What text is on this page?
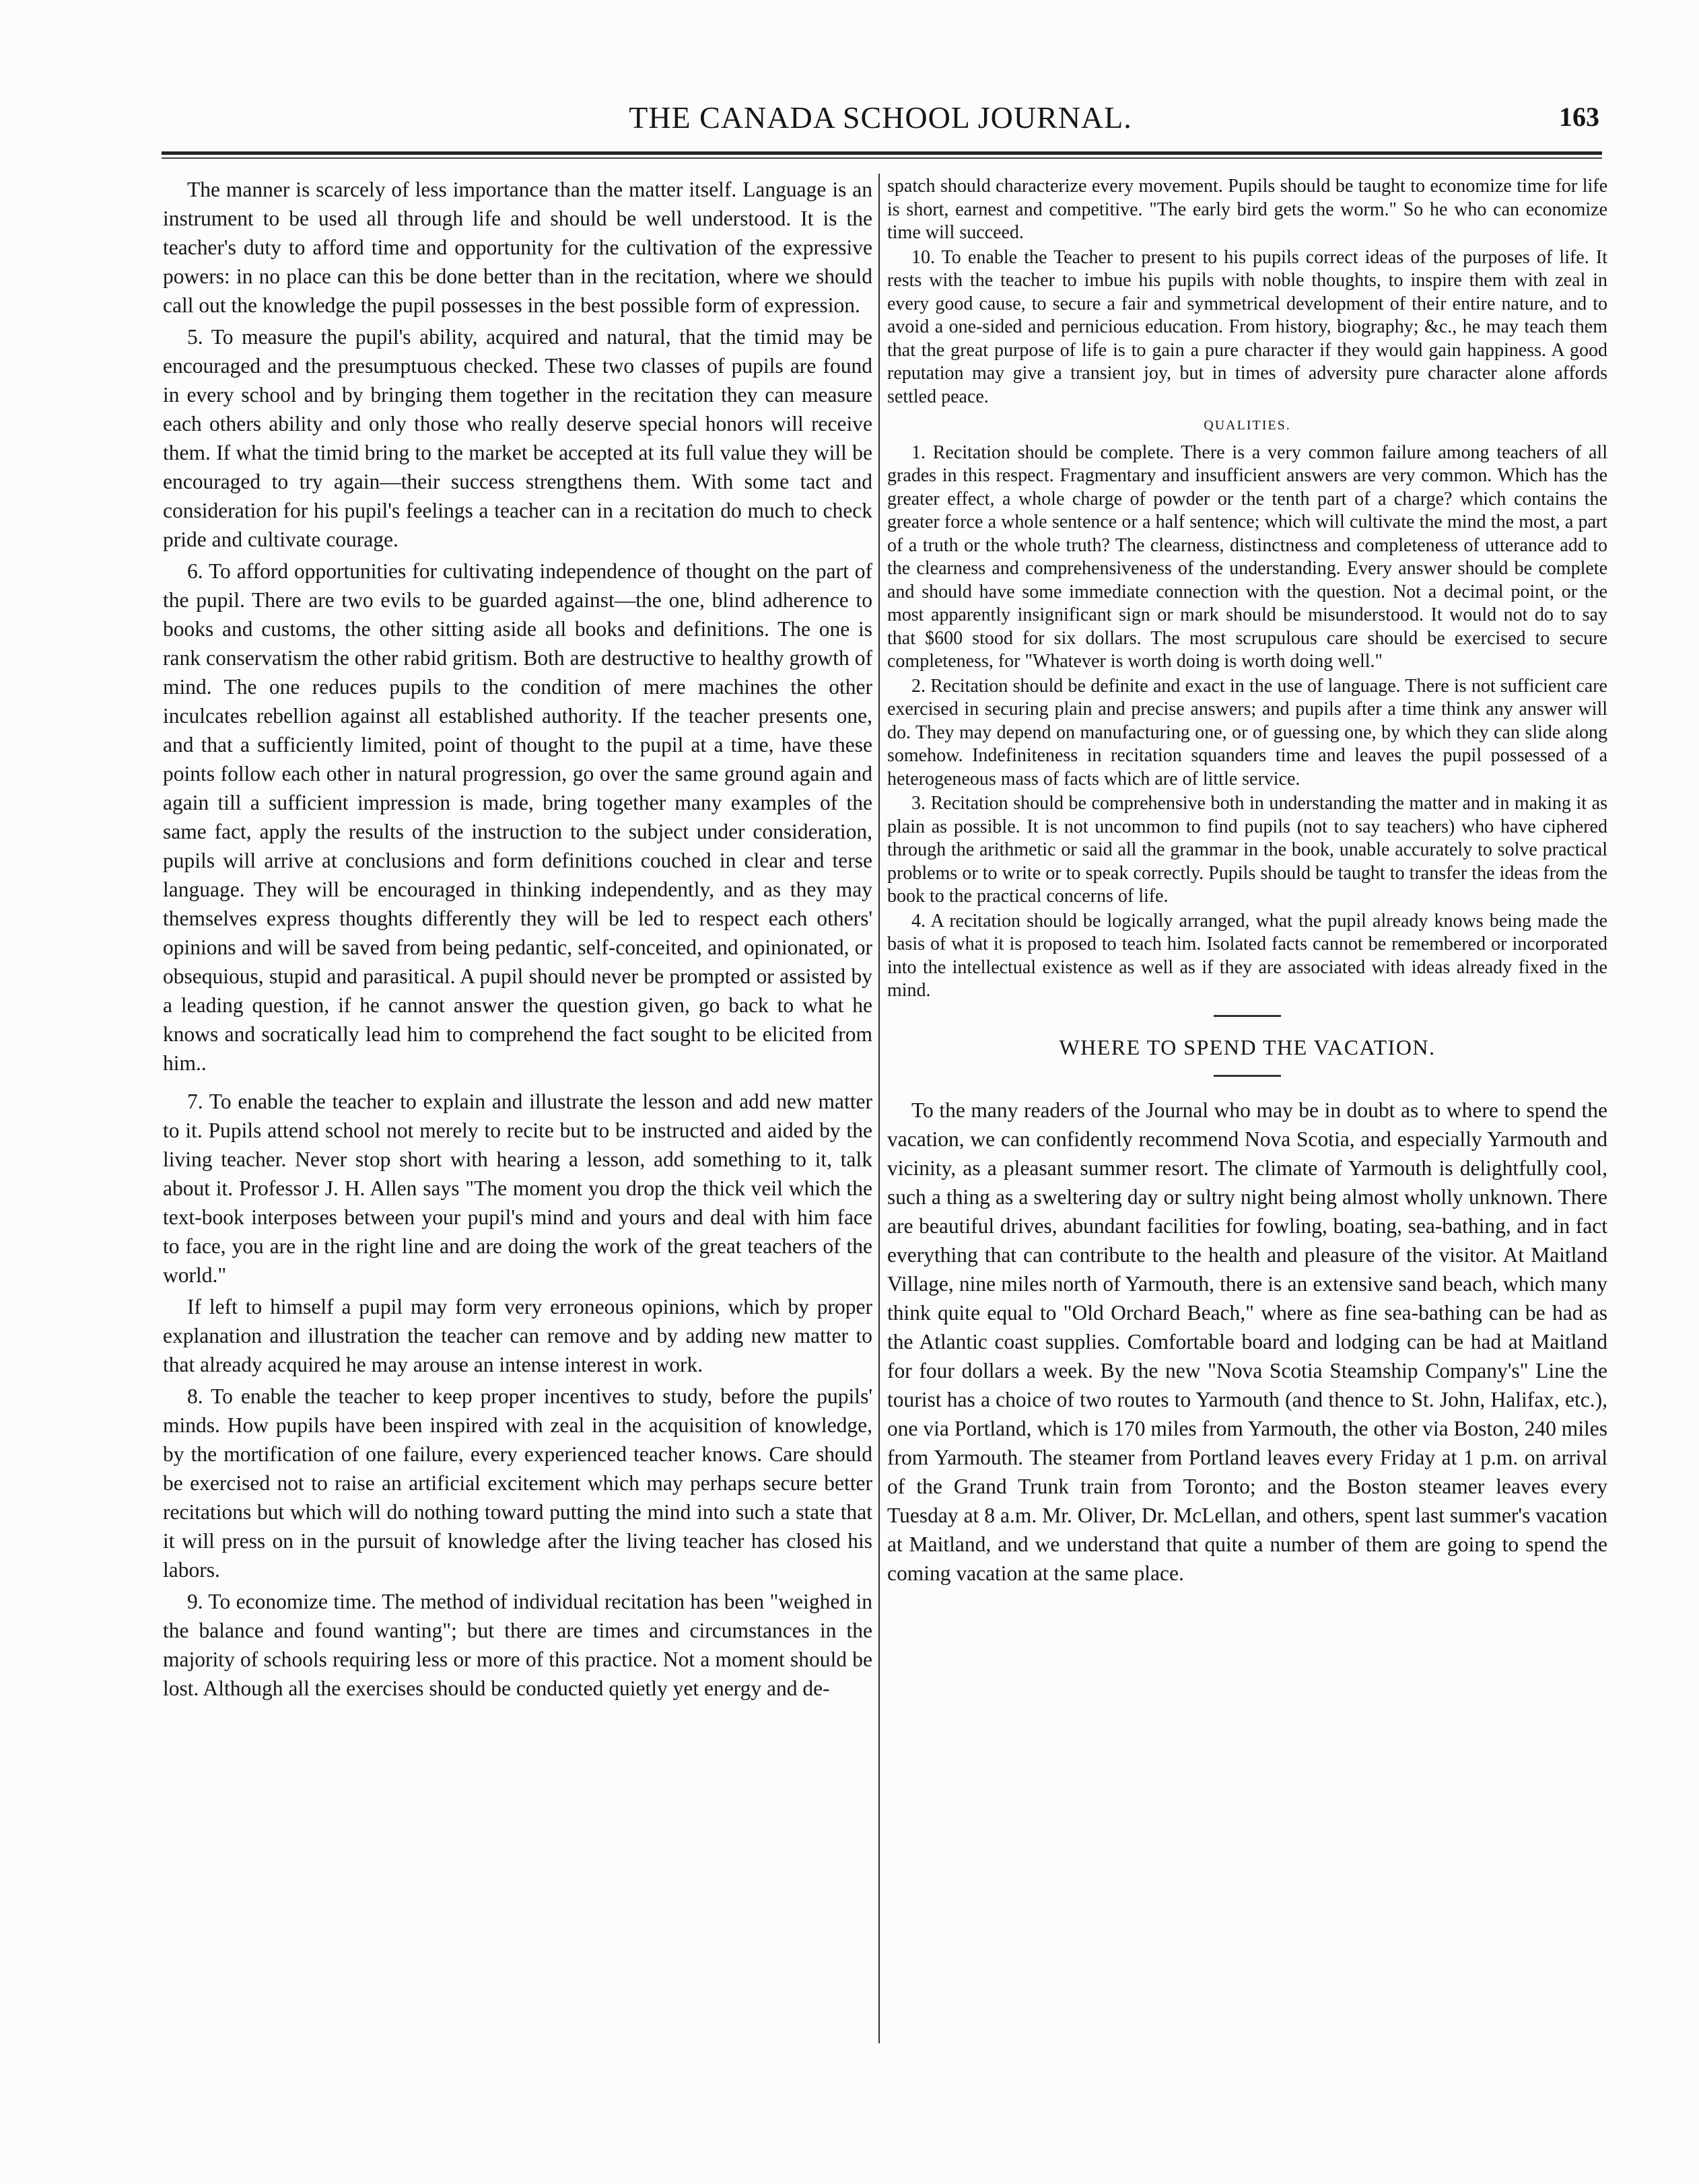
THE CANADA SCHOOL JOURNAL.	163

The manner is scarcely of less importance than the matter itself. Language is an instrument to be used all through life and should be well understood. It is the teacher's duty to afford time and opportunity for the cultivation of the expressive powers: in no place can this be done better than in the recitation, where we should call out the knowledge the pupil possesses in the best possible form of expression.

5. To measure the pupil's ability, acquired and natural, that the timid may be encouraged and the presumptuous checked. These two classes of pupils are found in every school and by bringing them together in the recitation they can measure each others ability and only those who really deserve special honors will receive them. If what the timid bring to the market be accepted at its full value they will be encouraged to try again—their success strengthens them. With some tact and consideration for his pupil's feelings a teacher can in a recitation do much to check pride and cultivate courage.

6. To afford opportunities for cultivating independence of thought on the part of the pupil. There are two evils to be guarded against—the one, blind adherence to books and customs, the other sitting aside all books and definitions. The one is rank conservatism the other rabid gritism. Both are destructive to healthy growth of mind. The one reduces pupils to the condition of mere machines the other inculcates rebellion against all established authority. If the teacher presents one, and that a sufficiently limited, point of thought to the pupil at a time, have these points follow each other in natural progression, go over the same ground again and again till a sufficient impression is made, bring together many examples of the same fact, apply the results of the instruction to the subject under consideration, pupils will arrive at conclusions and form definitions couched in clear and terse language. They will be encouraged in thinking independently, and as they may themselves express thoughts differently they will be led to respect each others' opinions and will be saved from being pedantic, self-conceited, and opinionated, or obsequious, stupid and parasitical. A pupil should never be prompted or assisted by a leading question, if he cannot answer the question given, go back to what he knows and socratically lead him to comprehend the fact sought to be elicited from him..

7. To enable the teacher to explain and illustrate the lesson and add new matter to it. Pupils attend school not merely to recite but to be instructed and aided by the living teacher. Never stop short with hearing a lesson, add something to it, talk about it. Professor J. H. Allen says "The moment you drop the thick veil which the text-book interposes between your pupil's mind and yours and deal with him face to face, you are in the right line and are doing the work of the great teachers of the world."

If left to himself a pupil may form very erroneous opinions, which by proper explanation and illustration the teacher can remove and by adding new matter to that already acquired he may arouse an intense interest in work.

8. To enable the teacher to keep proper incentives to study, before the pupils' minds. How pupils have been inspired with zeal in the acquisition of knowledge, by the mortification of one failure, every experienced teacher knows. Care should be exercised not to raise an artificial excitement which may perhaps secure better recitations but which will do nothing toward putting the mind into such a state that it will press on in the pursuit of knowledge after the living teacher has closed his labors.

9. To economize time. The method of individual recitation has been "weighed in the balance and found wanting"; but there are times and circumstances in the majority of schools requiring less or more of this practice. Not a moment should be lost. Although all the exercises should be conducted quietly yet energy and de-

spatch should characterize every movement. Pupils should be taught to economize time for life is short, earnest and competitive. "The early bird gets the worm." So he who can economize time will succeed.

10. To enable the Teacher to present to his pupils correct ideas of the purposes of life. It rests with the teacher to imbue his pupils with noble thoughts, to inspire them with zeal in every good cause, to secure a fair and symmetrical development of their entire nature, and to avoid a one-sided and pernicious education. From history, biography; &c., he may teach them that the great purpose of life is to gain a pure character if they would gain happiness. A good reputation may give a transient joy, but in times of adversity pure character alone affords settled peace.

QUALITIES.

1. Recitation should be complete. There is a very common failure among teachers of all grades in this respect. Fragmentary and insufficient answers are very common. Which has the greater effect, a whole charge of powder or the tenth part of a charge? which contains the greater force a whole sentence or a half sentence; which will cultivate the mind the most, a part of a truth or the whole truth? The clearness, distinctness and completeness of utterance add to the clearness and comprehensiveness of the understanding. Every answer should be complete and should have some immediate connection with the question. Not a decimal point, or the most apparently insignificant sign or mark should be misunderstood. It would not do to say that $600 stood for six dollars. The most scrupulous care should be exercised to secure completeness, for "Whatever is worth doing is worth doing well."

2. Recitation should be definite and exact in the use of language. There is not sufficient care exercised in securing plain and precise answers; and pupils after a time think any answer will do. They may depend on manufacturing one, or of guessing one, by which they can slide along somehow. Indefiniteness in recitation squanders time and leaves the pupil possessed of a heterogeneous mass of facts which are of little service.

3. Recitation should be comprehensive both in understanding the matter and in making it as plain as possible. It is not uncommon to find pupils (not to say teachers) who have ciphered through the arithmetic or said all the grammar in the book, unable accurately to solve practical problems or to write or to speak correctly. Pupils should be taught to transfer the ideas from the book to the practical concerns of life.

4. A recitation should be logically arranged, what the pupil already knows being made the basis of what it is proposed to teach him. Isolated facts cannot be remembered or incorporated into the intellectual existence as well as if they are associated with ideas already fixed in the mind.

WHERE TO SPEND THE VACATION.

To the many readers of the Journal who may be in doubt as to where to spend the vacation, we can confidently recommend Nova Scotia, and especially Yarmouth and vicinity, as a pleasant summer resort. The climate of Yarmouth is delightfully cool, such a thing as a sweltering day or sultry night being almost wholly unknown. There are beautiful drives, abundant facilities for fowling, boating, sea-bathing, and in fact everything that can contribute to the health and pleasure of the visitor. At Maitland Village, nine miles north of Yarmouth, there is an extensive sand beach, which many think quite equal to "Old Orchard Beach," where as fine sea-bathing can be had as the Atlantic coast supplies. Comfortable board and lodging can be had at Maitland for four dollars a week. By the new "Nova Scotia Steamship Company's" Line the tourist has a choice of two routes to Yarmouth (and thence to St. John, Halifax, etc.), one via Portland, which is 170 miles from Yarmouth, the other via Boston, 240 miles from Yarmouth. The steamer from Portland leaves every Friday at 1 p.m. on arrival of the Grand Trunk train from Toronto; and the Boston steamer leaves every Tuesday at 8 a.m. Mr. Oliver, Dr. McLellan, and others, spent last summer's vacation at Maitland, and we understand that quite a number of them are going to spend the coming vacation at the same place.
